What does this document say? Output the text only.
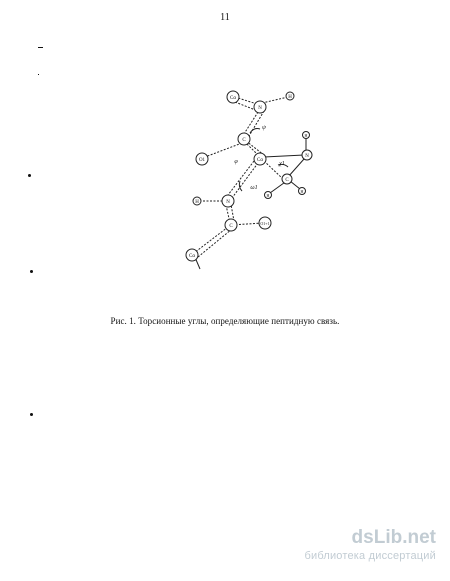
11
Cα
N
H
C
O1	Cα
N
H
C
H
H
H	N
C
O1+1
Cα
ψ
φ	χ1
ω1
Рис. 1. Торсионные углы, определяющие пептидную связь.
dsLib.net
библиотека диссертаций
